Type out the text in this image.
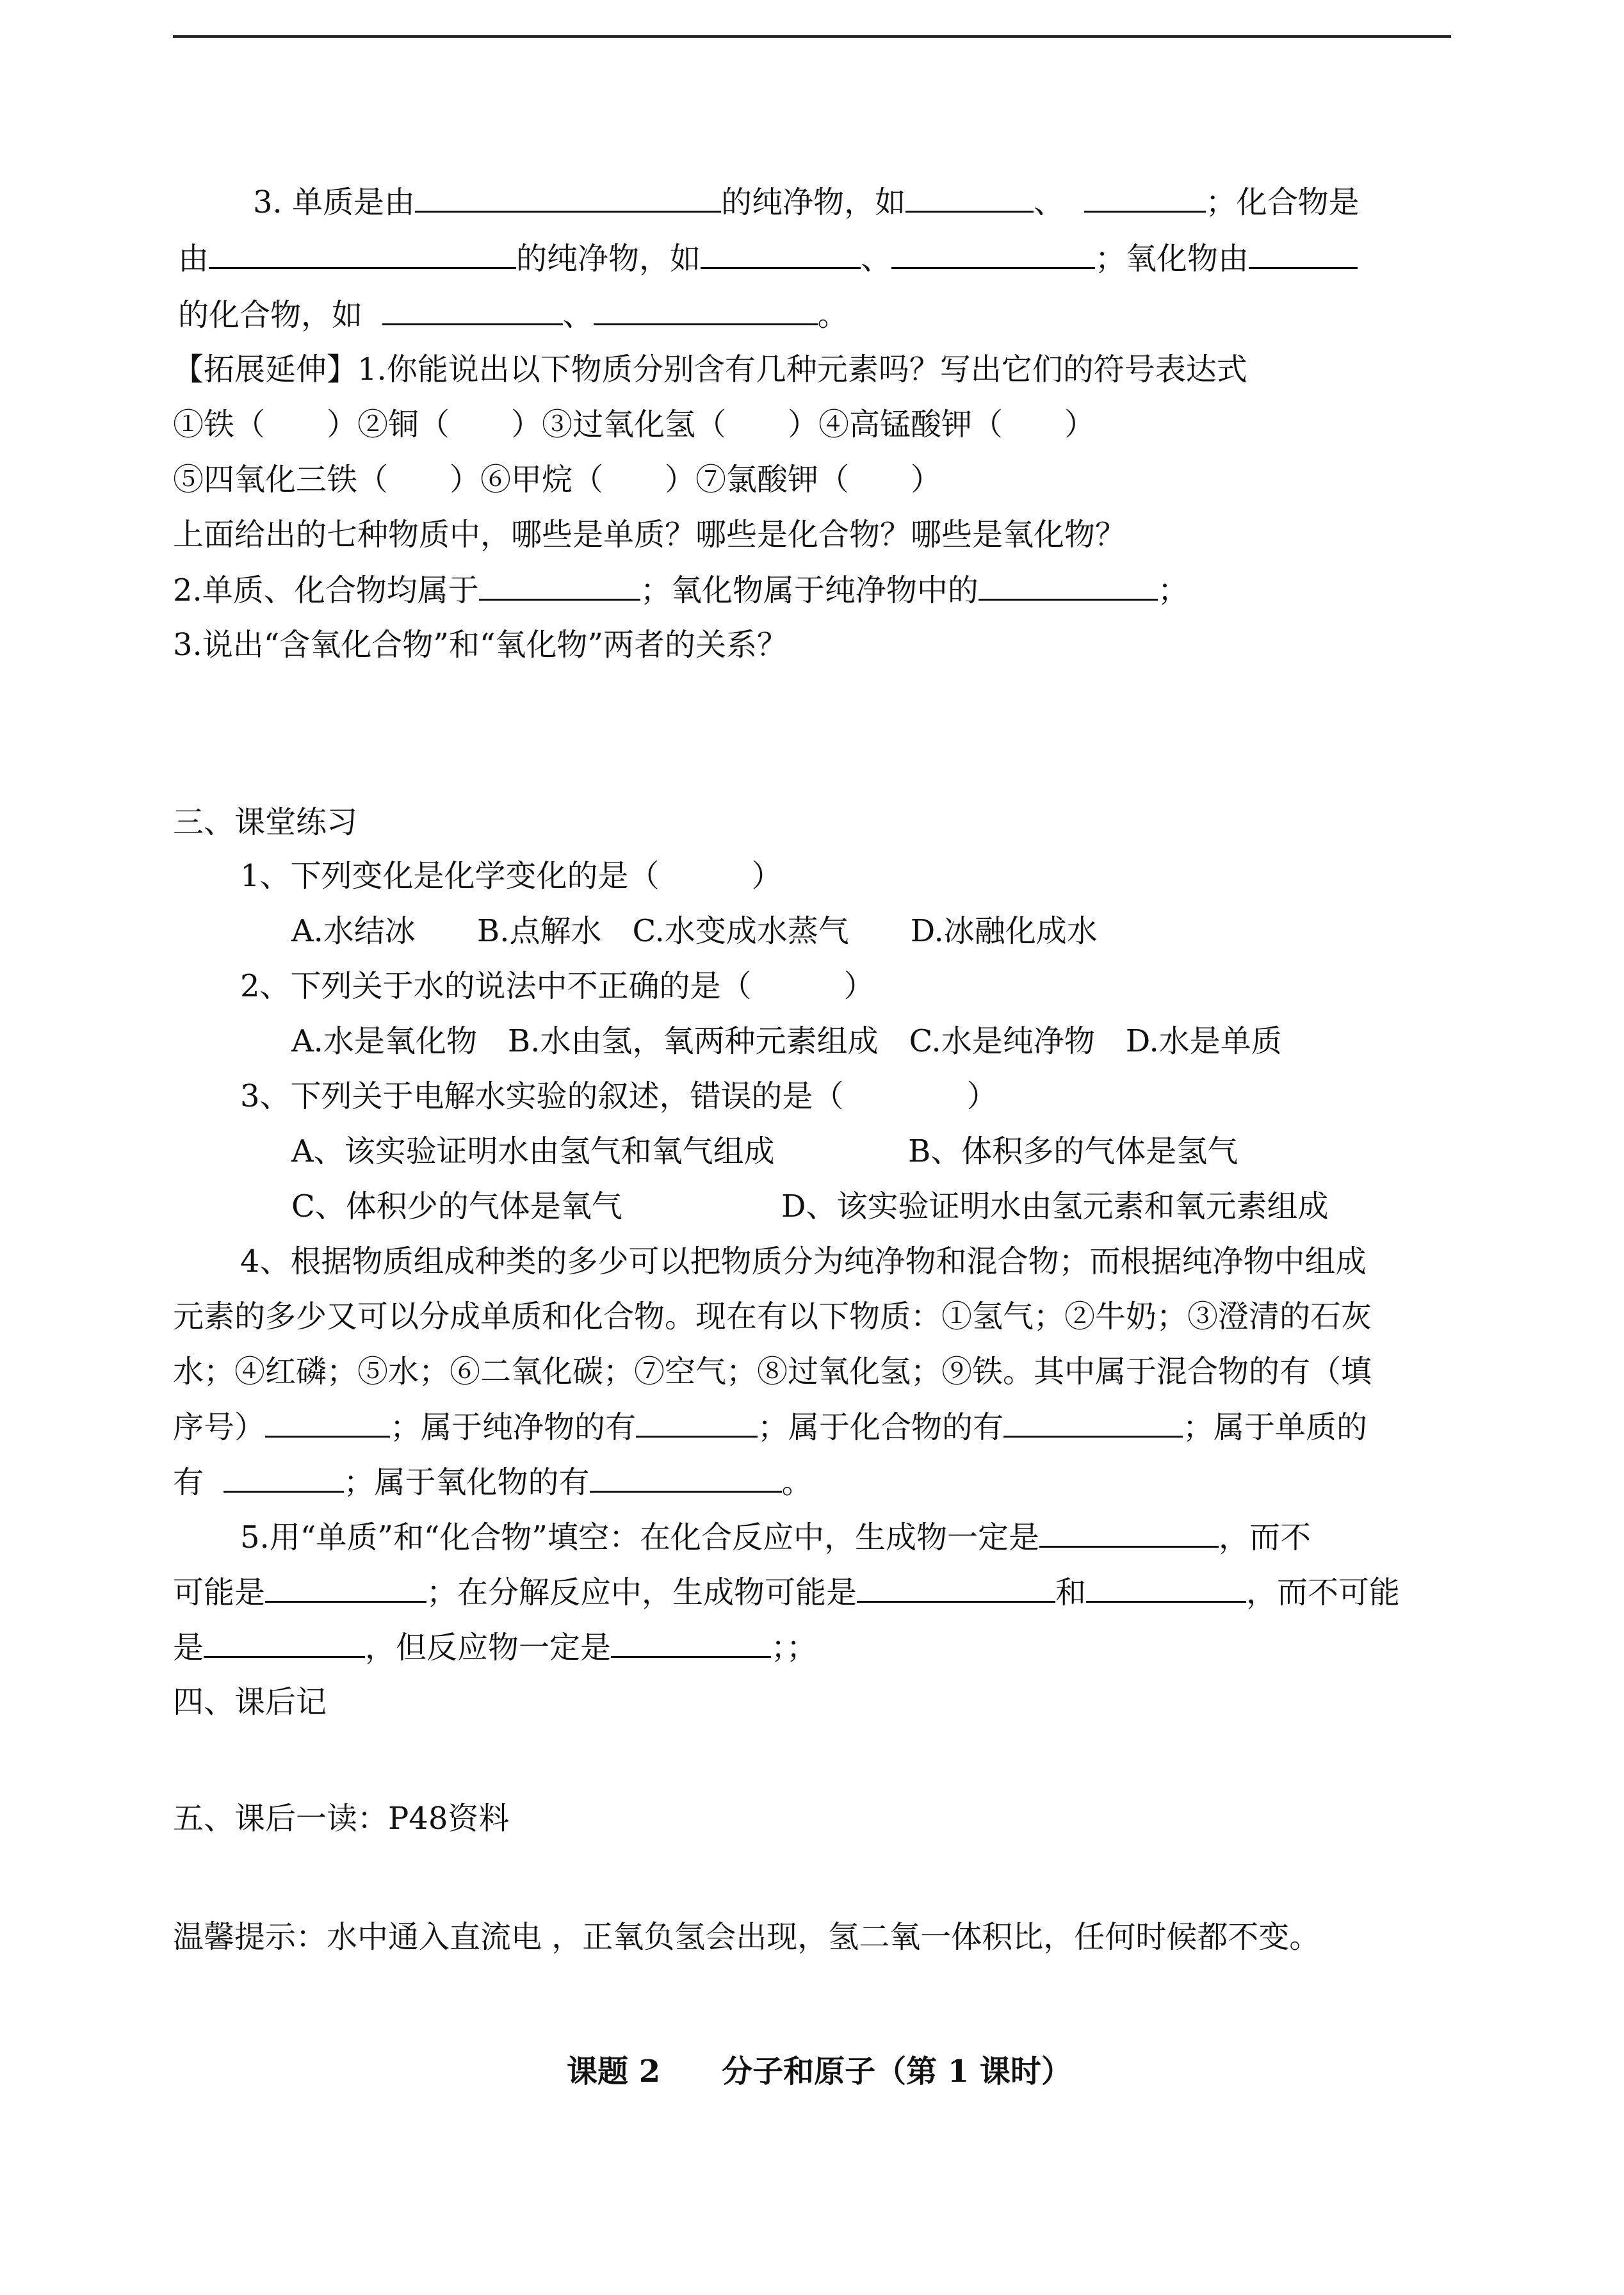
3. 单质是由	的纯净物，如	、	；化合物是
由	的纯净物，如	、	；氧化物由
的化合物，如	、	。
【拓展延伸】1.你能说出以下物质分别含有几种元素吗？写出它们的符号表达式
①铁（　　）②铜（　　）③过氧化氢（　　）④高锰酸钾（　　）
⑤四氧化三铁（　　）⑥甲烷（　　）⑦氯酸钾（　　）
上面给出的七种物质中，哪些是单质？哪些是化合物？哪些是氧化物？
2.单质、化合物均属于	；氧化物属于纯净物中的	；
3.说出“含氧化合物”和“氧化物”两者的关系？
三、课堂练习
1、下列变化是化学变化的是（　　　）
A.水结冰　　B.点解水　C.水变成水蒸气　　D.冰融化成水
2、下列关于水的说法中不正确的是（　　　）
A.水是氧化物　B.水由氢，氧两种元素组成　C.水是纯净物　D.水是单质
3、下列关于电解水实验的叙述，错误的是（　　　　）
A、该实验证明水由氢气和氧气组成	B、体积多的气体是氢气
C、体积少的气体是氧气	D、该实验证明水由氢元素和氧元素组成
4、根据物质组成种类的多少可以把物质分为纯净物和混合物；而根据纯净物中组成
元素的多少又可以分成单质和化合物。现在有以下物质：①氢气；②牛奶；③澄清的石灰
水；④红磷；⑤水；⑥二氧化碳；⑦空气；⑧过氧化氢；⑨铁。其中属于混合物的有（填
序号）	；属于纯净物的有	；属于化合物的有	；属于单质的
有	；属于氧化物的有	。
5.用“单质”和“化合物”填空：在化合反应中，生成物一定是	，而不
可能是	；在分解反应中，生成物可能是	和	，而不可能
是	，但反应物一定是	；；
四、课后记
五、课后一读：P48资料
温馨提示：水中通入直流电 ，正氧负氢会出现，氢二氧一体积比，任何时候都不变。
课题 2　　分子和原子（第 1 课时）
